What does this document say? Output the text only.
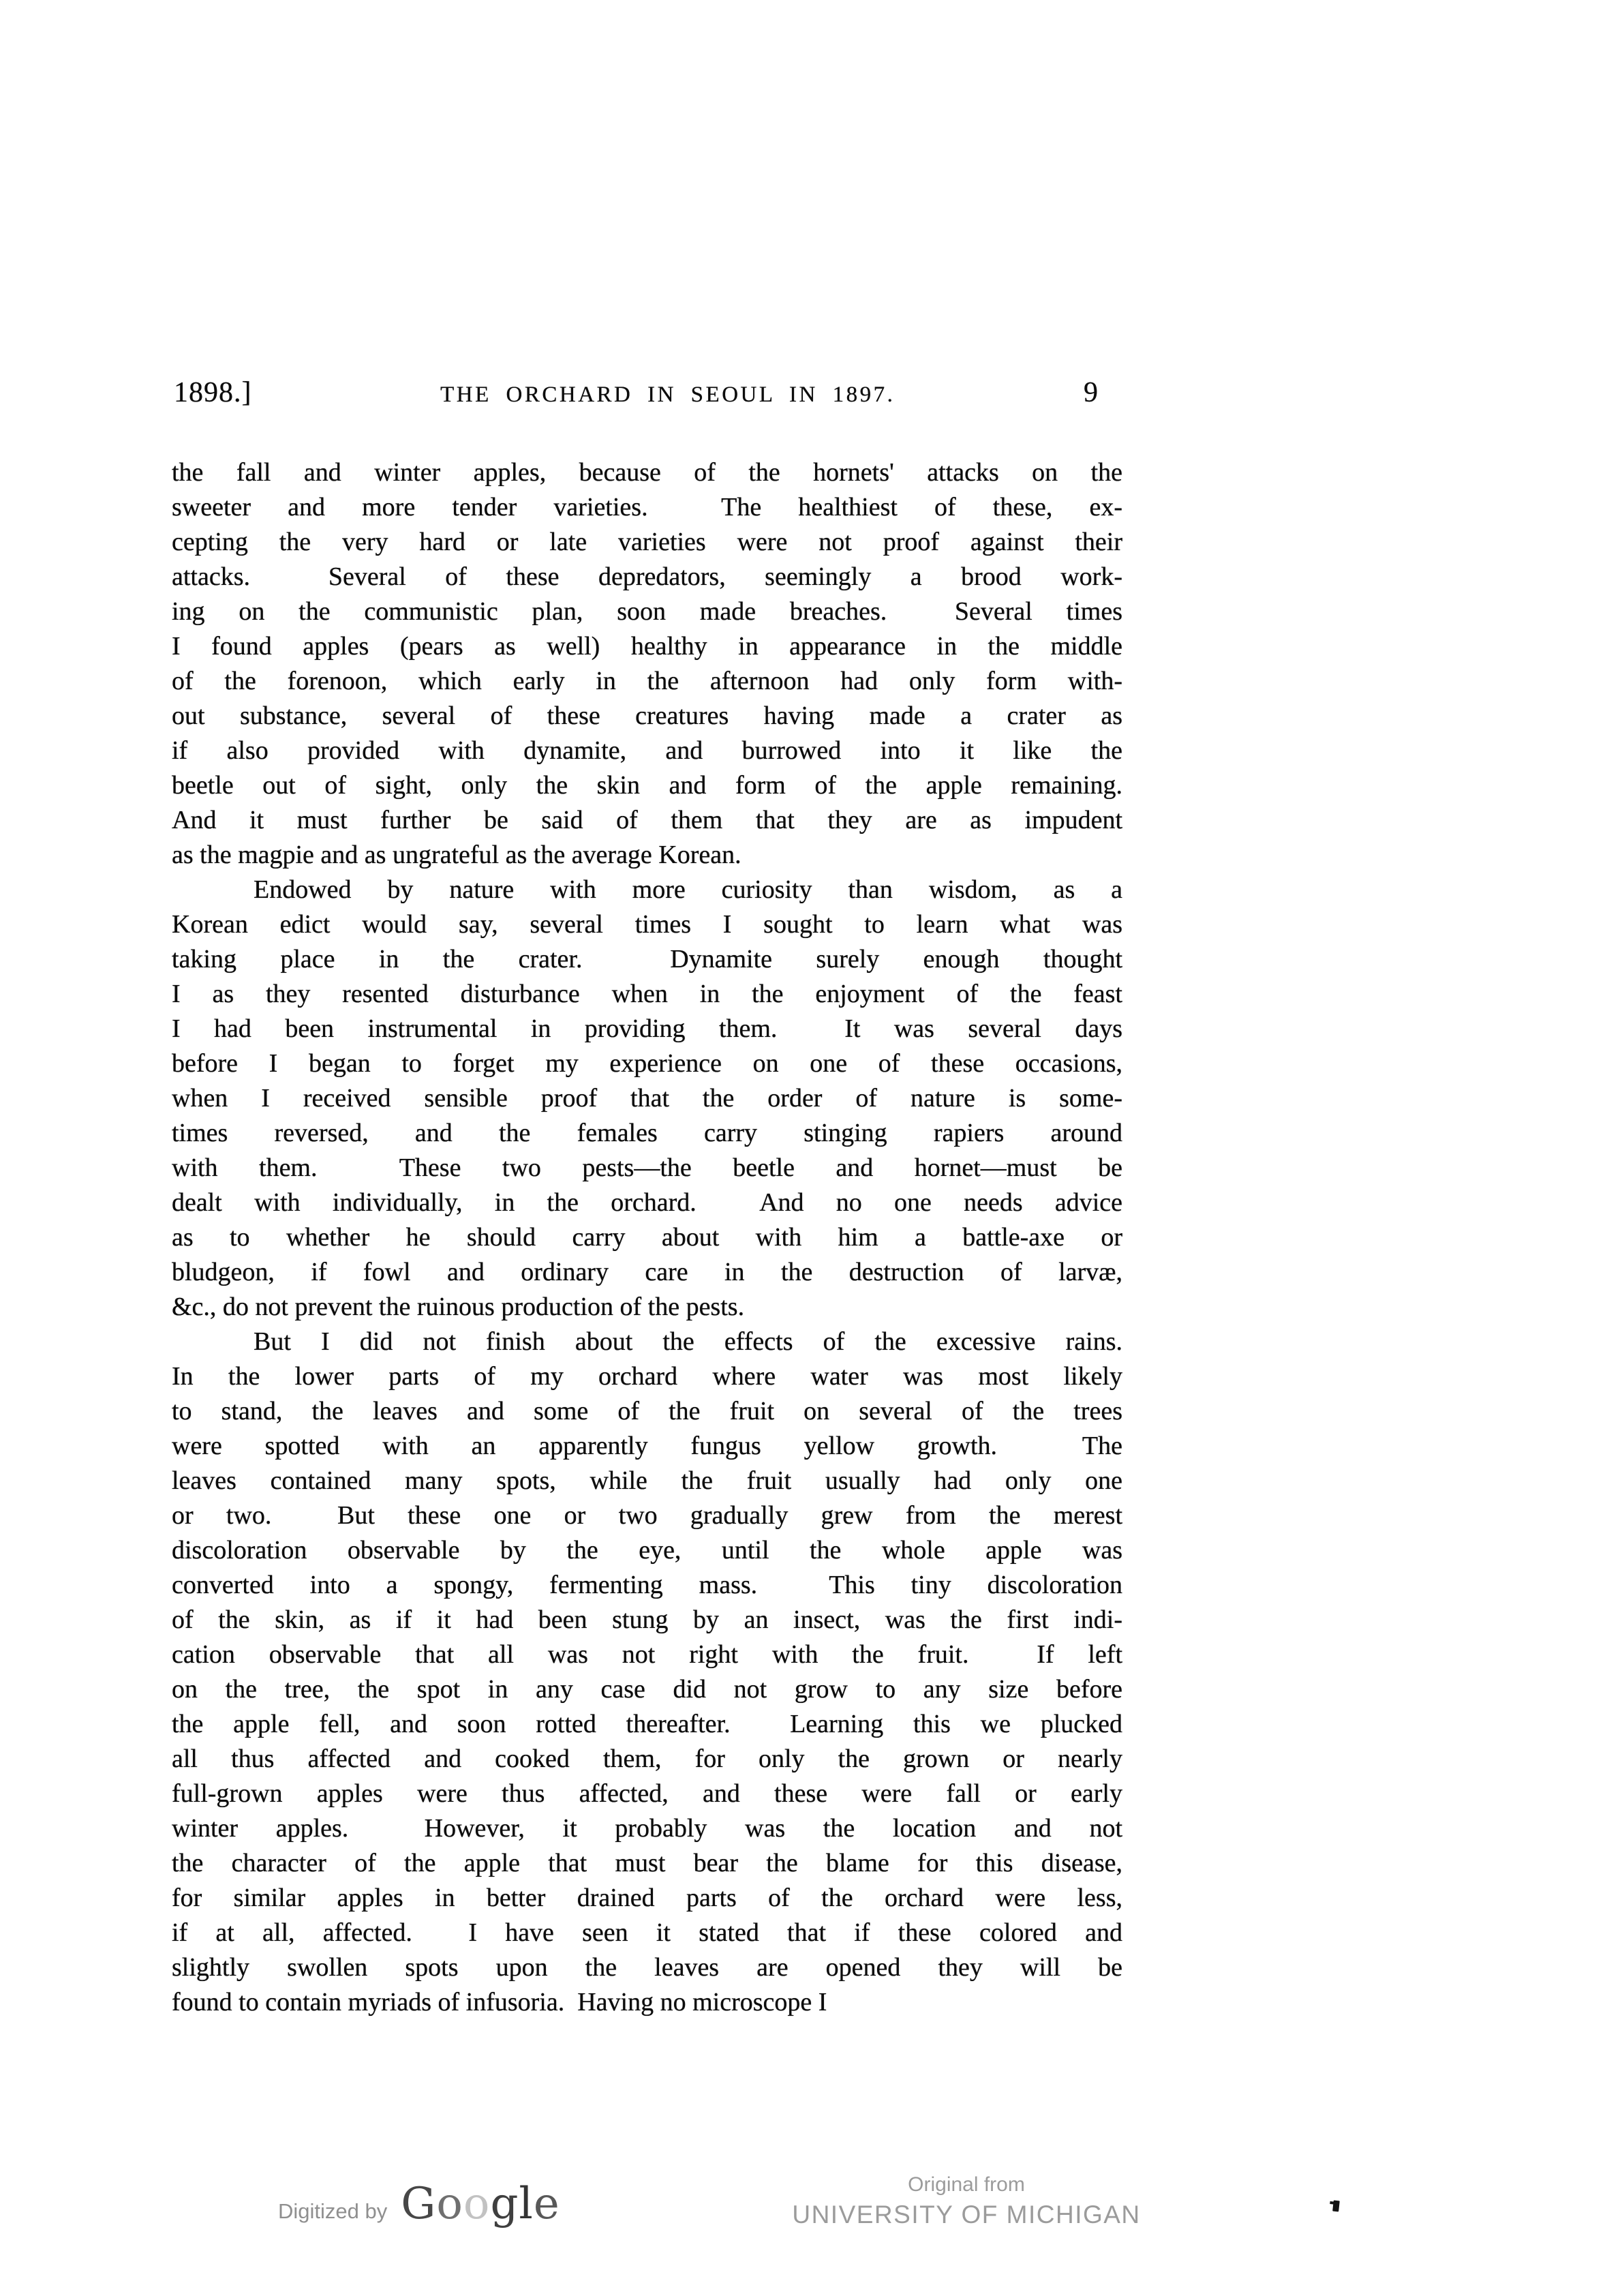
1898.]	THE ORCHARD IN SEOUL IN 1897.	9
the fall and winter apples, because of the hornets' attacks on the
sweeter and more tender varieties.  The healthiest of these, ex-
cepting the very hard or late varieties were not proof against their
attacks.  Several of these depredators, seemingly a brood work-
ing on the communistic plan, soon made breaches.  Several times
I found apples (pears as well) healthy in appearance in the middle
of the forenoon, which early in the afternoon had only form with-
out substance, several of these creatures having made a crater as
if also provided with dynamite, and burrowed into it like the
beetle out of sight, only the skin and form of the apple remaining.
And it must further be said of them that they are as impudent
as the magpie and as ungrateful as the average Korean.
Endowed by nature with more curiosity than wisdom, as a
Korean edict would say, several times I sought to learn what was
taking place in the crater.  Dynamite surely enough thought
I as they resented disturbance when in the enjoyment of the feast
I had been instrumental in providing them.  It was several days
before I began to forget my experience on one of these occasions,
when I received sensible proof that the order of nature is some-
times reversed, and the females carry stinging rapiers around
with them.  These two pests—the beetle and hornet—must be
dealt with individually, in the orchard.  And no one needs advice
as to whether he should carry about with him a battle-axe or
bludgeon, if fowl and ordinary care in the destruction of larvæ,
&c., do not prevent the ruinous production of the pests.
But I did not finish about the effects of the excessive rains.
In the lower parts of my orchard where water was most likely
to stand, the leaves and some of the fruit on several of the trees
were spotted with an apparently fungus yellow growth.  The
leaves contained many spots, while the fruit usually had only one
or two.  But these one or two gradually grew from the merest
discoloration observable by the eye, until the whole apple was
converted into a spongy, fermenting mass.  This tiny discoloration
of the skin, as if it had been stung by an insect, was the first indi-
cation observable that all was not right with the fruit.  If left
on the tree, the spot in any case did not grow to any size before
the apple fell, and soon rotted thereafter.  Learning this we plucked
all thus affected and cooked them, for only the grown or nearly
full-grown apples were thus affected, and these were fall or early
winter apples.  However, it probably was the location and not
the character of the apple that must bear the blame for this disease,
for similar apples in better drained parts of the orchard were less,
if at all, affected.  I have seen it stated that if these colored and
slightly swollen spots upon the leaves are opened they will be
found to contain myriads of infusoria.  Having no microscope I
Digitized by Google	Original from
UNIVERSITY OF MICHIGAN
